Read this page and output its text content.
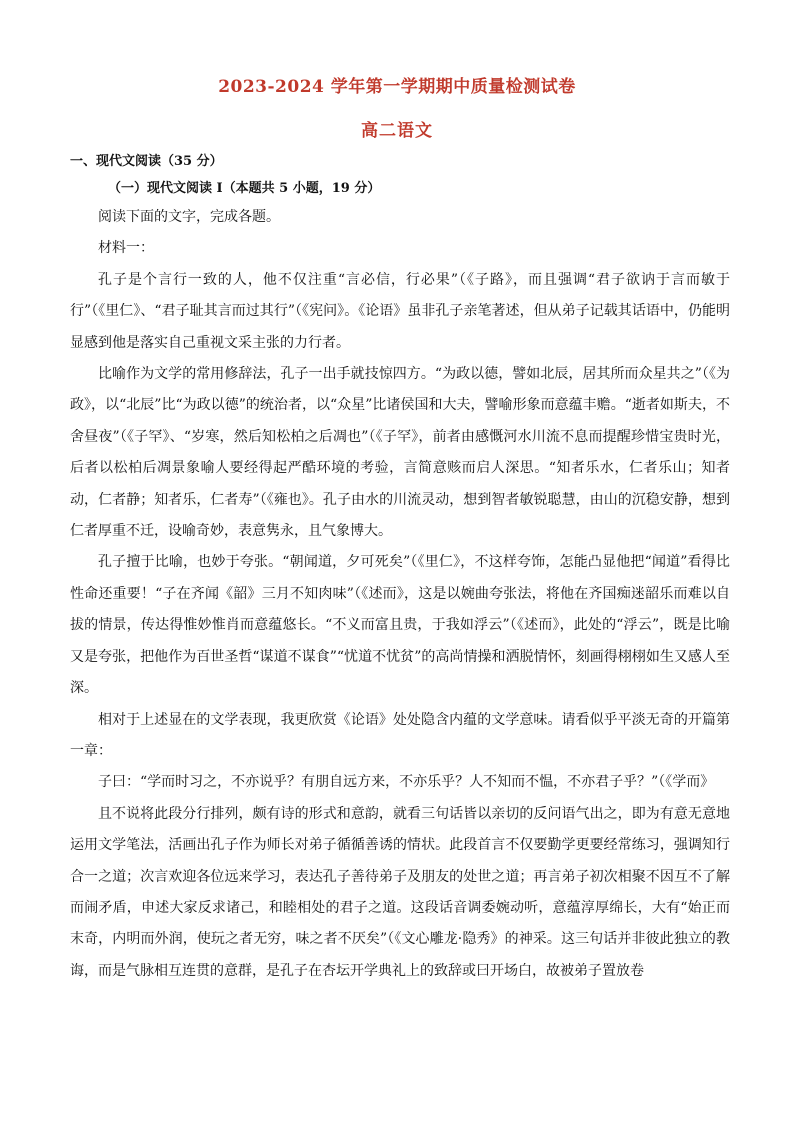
2023-2024 学年第一学期期中质量检测试卷
高二语文

一、现代文阅读（35 分）

（一）现代文阅读 I（本题共 5 小题，19 分）

阅读下面的文字，完成各题。

材料一：

孔子是个言行一致的人，他不仅注重“言必信，行必果”（《子路》，而且强调“君子欲讷于言而敏于行”（《里仁》、“君子耻其言而过其行”（《宪问》。《论语》虽非孔子亲笔著述，但从弟子记载其话语中，仍能明显感到他是落实自己重视文采主张的力行者。

比喻作为文学的常用修辞法，孔子一出手就技惊四方。“为政以德，譬如北辰，居其所而众星共之”（《为政》，以“北辰”比“为政以德”的统治者，以“众星”比诸侯国和大夫，譬喻形象而意蕴丰赡。“逝者如斯夫，不舍昼夜”（《子罕》、“岁寒，然后知松柏之后凋也”（《子罕》，前者由感慨河水川流不息而提醒珍惜宝贵时光，后者以松柏后凋景象喻人要经得起严酷环境的考验，言简意赅而启人深思。“知者乐水，仁者乐山；知者动，仁者静；知者乐，仁者寿”（《雍也》。孔子由水的川流灵动，想到智者敏锐聪慧，由山的沉稳安静，想到仁者厚重不迁，设喻奇妙，表意隽永，且气象博大。

孔子擅于比喻，也妙于夸张。“朝闻道，夕可死矣”（《里仁》，不这样夸饰，怎能凸显他把“闻道”看得比性命还重要！“子在齐闻《韶》三月不知肉味”（《述而》，这是以婉曲夸张法，将他在齐国痴迷韶乐而难以自拔的情景，传达得惟妙惟肖而意蕴悠长。“不义而富且贵，于我如浮云”（《述而》，此处的“浮云”，既是比喻又是夸张，把他作为百世圣哲“谋道不谋食”“忧道不忧贫”的高尚情操和洒脱情怀，刻画得栩栩如生又感人至深。

相对于上述显在的文学表现，我更欣赏《论语》处处隐含内蕴的文学意味。请看似乎平淡无奇的开篇第一章：

子曰：“学而时习之，不亦说乎？有朋自远方来，不亦乐乎？人不知而不愠，不亦君子乎？”（《学而》

且不说将此段分行排列，颇有诗的形式和意韵，就看三句话皆以亲切的反问语气出之，即为有意无意地运用文学笔法，活画出孔子作为师长对弟子循循善诱的情状。此段首言不仅要勤学更要经常练习，强调知行合一之道；次言欢迎各位远来学习，表达孔子善待弟子及朋友的处世之道；再言弟子初次相聚不因互不了解而闹矛盾，申述大家反求诸己，和睦相处的君子之道。这段话音调委婉动听，意蕴淳厚绵长，大有“始正而末奇，内明而外润，使玩之者无穷，味之者不厌矣”（《文心雕龙·隐秀》的神采。这三句话并非彼此独立的教诲，而是气脉相互连贯的意群，是孔子在杏坛开学典礼上的致辞或曰开场白，故被弟子置放卷
